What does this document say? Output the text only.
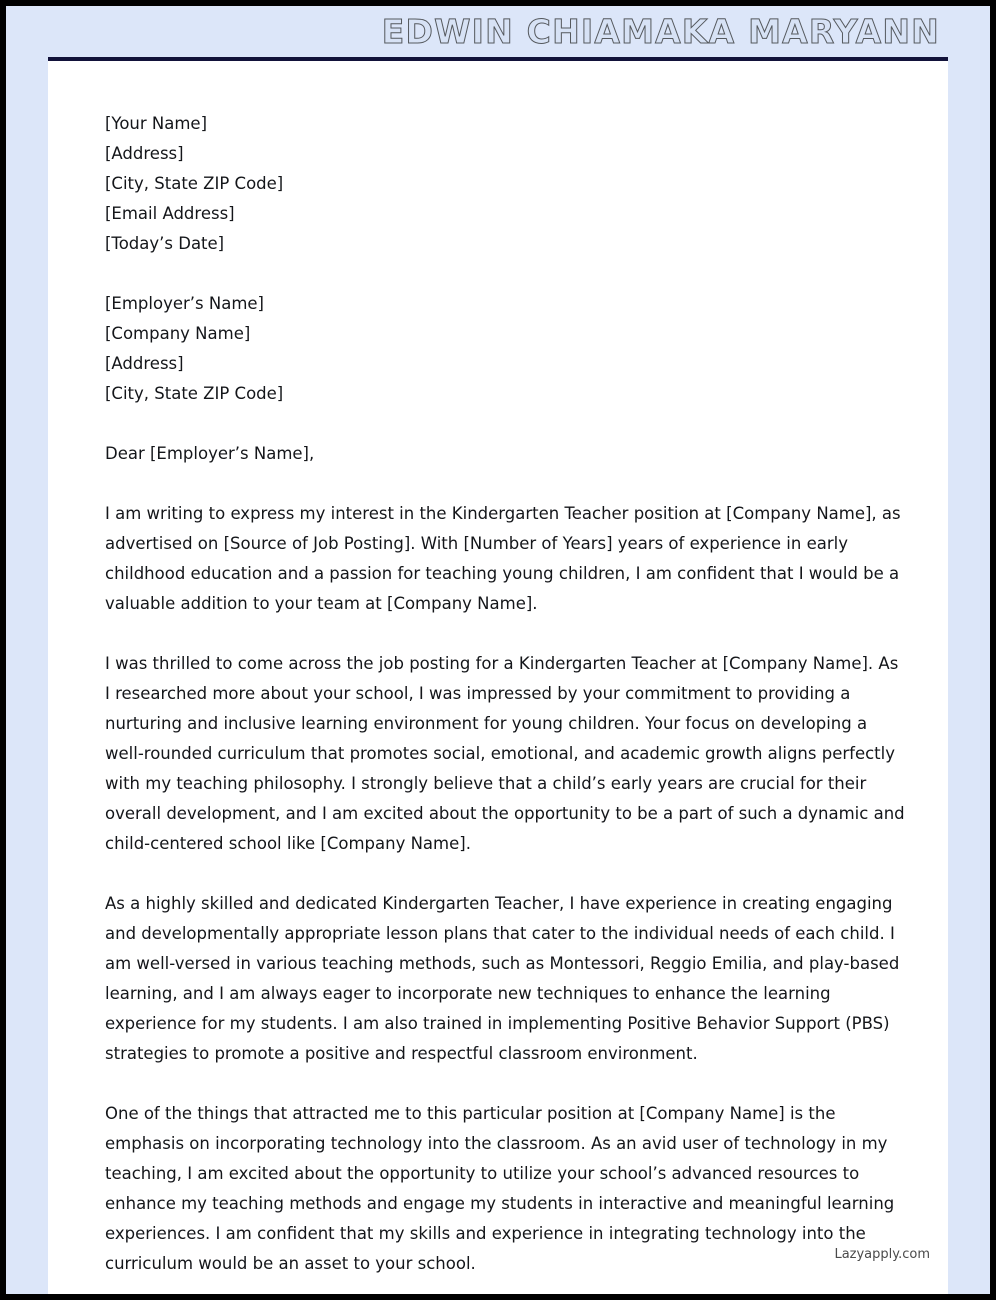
EDWIN CHIAMAKA MARYANN
[Your Name]
[Address]
[City, State ZIP Code]
[Email Address]
[Today’s Date]
[Employer’s Name]
[Company Name]
[Address]
[City, State ZIP Code]

Dear [Employer’s Name],

I am writing to express my interest in the Kindergarten Teacher position at [Company Name], as advertised on [Source of Job Posting]. With [Number of Years] years of experience in early childhood education and a passion for teaching young children, I am confident that I would be a valuable addition to your team at [Company Name].

I was thrilled to come across the job posting for a Kindergarten Teacher at [Company Name]. As I researched more about your school, I was impressed by your commitment to providing a nurturing and inclusive learning environment for young children. Your focus on developing a well-rounded curriculum that promotes social, emotional, and academic growth aligns perfectly with my teaching philosophy. I strongly believe that a child’s early years are crucial for their overall development, and I am excited about the opportunity to be a part of such a dynamic and child-centered school like [Company Name].

As a highly skilled and dedicated Kindergarten Teacher, I have experience in creating engaging and developmentally appropriate lesson plans that cater to the individual needs of each child. I am well-versed in various teaching methods, such as Montessori, Reggio Emilia, and play-based learning, and I am always eager to incorporate new techniques to enhance the learning experience for my students. I am also trained in implementing Positive Behavior Support (PBS) strategies to promote a positive and respectful classroom environment.

One of the things that attracted me to this particular position at [Company Name] is the emphasis on incorporating technology into the classroom. As an avid user of technology in my teaching, I am excited about the opportunity to utilize your school’s advanced resources to enhance my teaching methods and engage my students in interactive and meaningful learning experiences. I am confident that my skills and experience in integrating technology into the curriculum would be an asset to your school.	Lazyapply.com
